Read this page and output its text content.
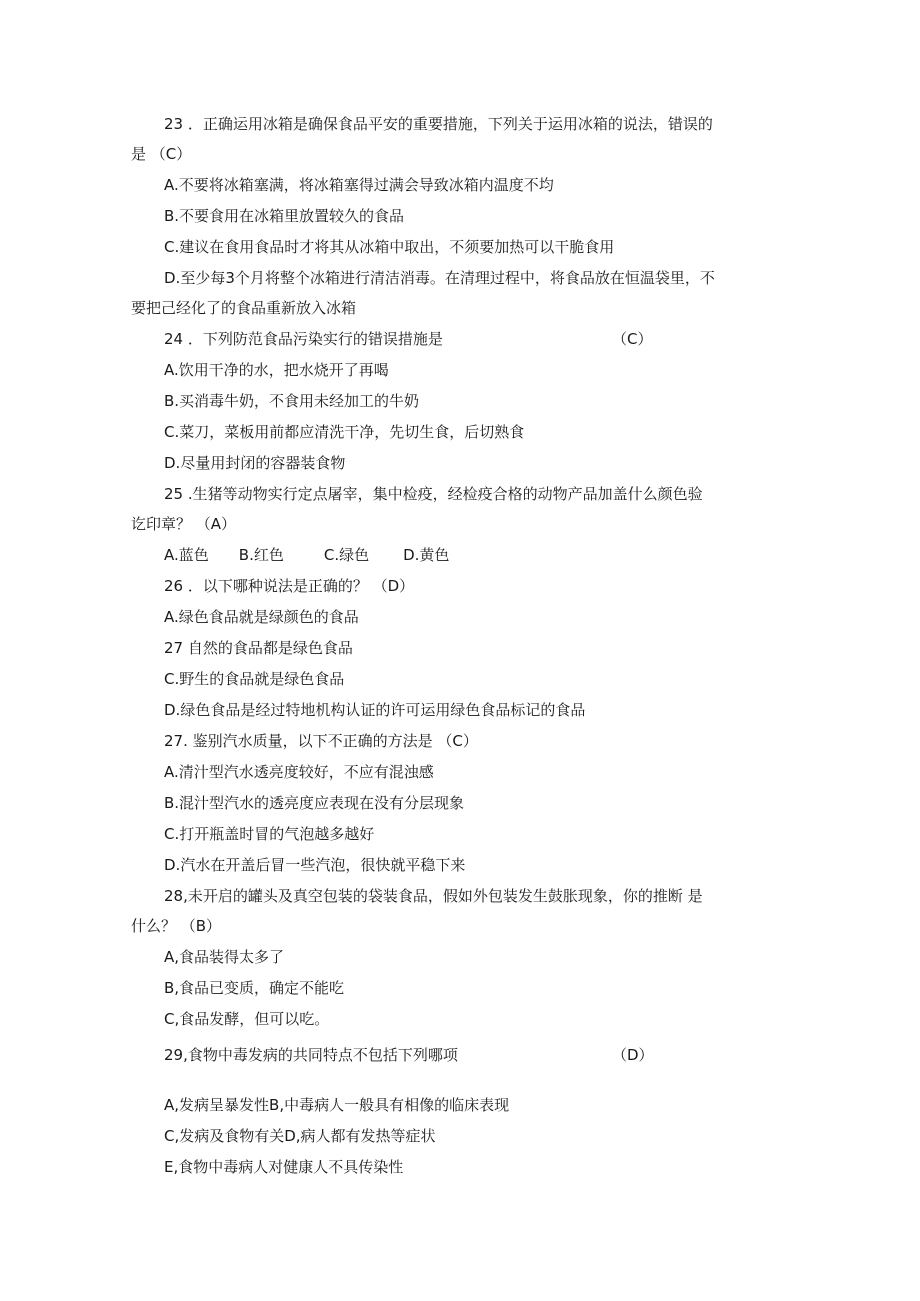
23 ．正确运用冰箱是确保食品平安的重要措施，下列关于运用冰箱的说法，错误的
是 （C）
A.不要将冰箱塞满，将冰箱塞得过满会导致冰箱内温度不均
B.不要食用在冰箱里放置较久的食品
C.建议在食用食品时才将其从冰箱中取出，不须要加热可以干脆食用
D.至少每3个月将整个冰箱进行清洁消毒。在清理过程中，将食品放在恒温袋里，不
要把己经化了的食品重新放入冰箱
24 ．下列防范食品污染实行的错误措施是	（C）
A.饮用干净的水，把水烧开了再喝
B.买消毒牛奶，不食用未经加工的牛奶
C.菜刀，菜板用前都应清洗干净，先切生食，后切熟食
D.尽量用封闭的容器装食物
25 .生猪等动物实行定点屠宰，集中检疫，经检疫合格的动物产品加盖什么颜色验
讫印章？ （A）
A.蓝色 B.红色	C.绿色 D.黄色
26 ．以下哪种说法是正确的？ （D）
A.绿色食品就是绿颜色的食品
27 自然的食品都是绿色食品
C.野生的食品就是绿色食品
D.绿色食品是经过特地机构认证的许可运用绿色食品标记的食品
27. 鉴别汽水质量，以下不正确的方法是 （C）
A.清汁型汽水透亮度较好，不应有混浊感
B.混汁型汽水的透亮度应表现在没有分层现象
C.打开瓶盖时冒的气泡越多越好
D.汽水在开盖后冒一些汽泡，很快就平稳下来
28,未开启的罐头及真空包装的袋装食品，假如外包装发生鼓胀现象，你的推断 是
什么？ （B）
A,食品装得太多了
B,食品已变质，确定不能吃
C,食品发酵，但可以吃。
29,食物中毒发病的共同特点不包括下列哪项	（D）
A,发病呈暴发性B,中毒病人一般具有相像的临床表现
C,发病及食物有关D,病人都有发热等症状
E,食物中毒病人对健康人不具传染性
